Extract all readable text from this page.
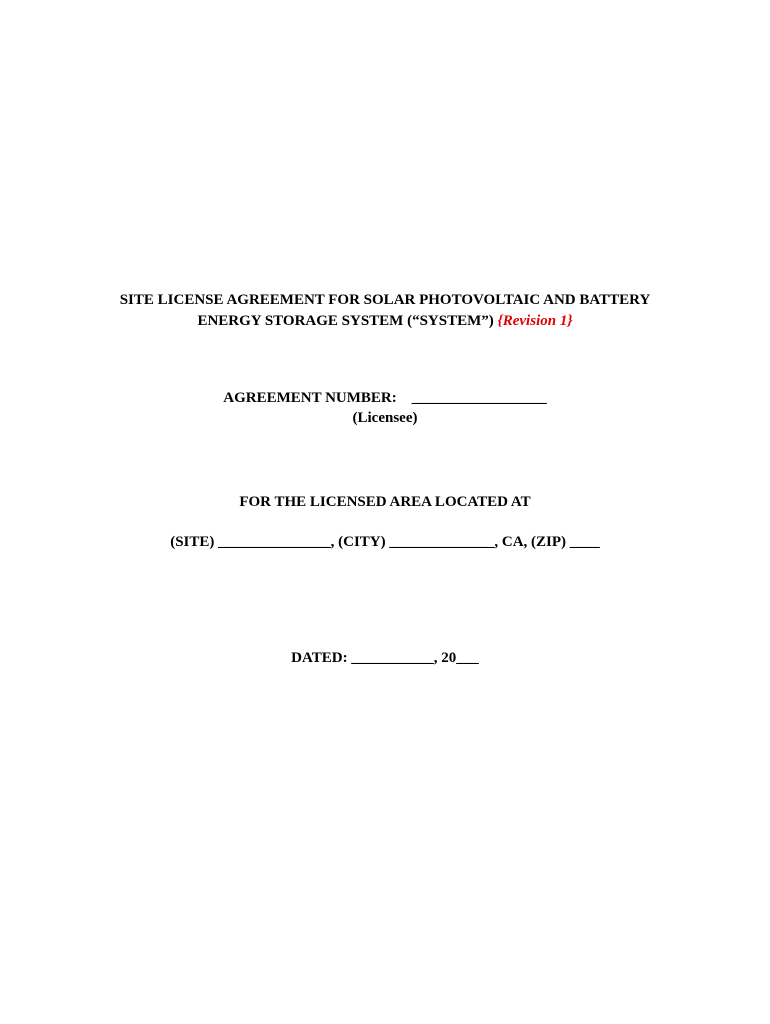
SITE LICENSE AGREEMENT FOR SOLAR PHOTOVOLTAIC AND BATTERY
ENERGY STORAGE SYSTEM (“SYSTEM”) {Revision 1}
AGREEMENT NUMBER:    __________________
(Licensee)
FOR THE LICENSED AREA LOCATED AT
(SITE) _______________, (CITY) ______________, CA, (ZIP) ____
DATED: ___________, 20___
